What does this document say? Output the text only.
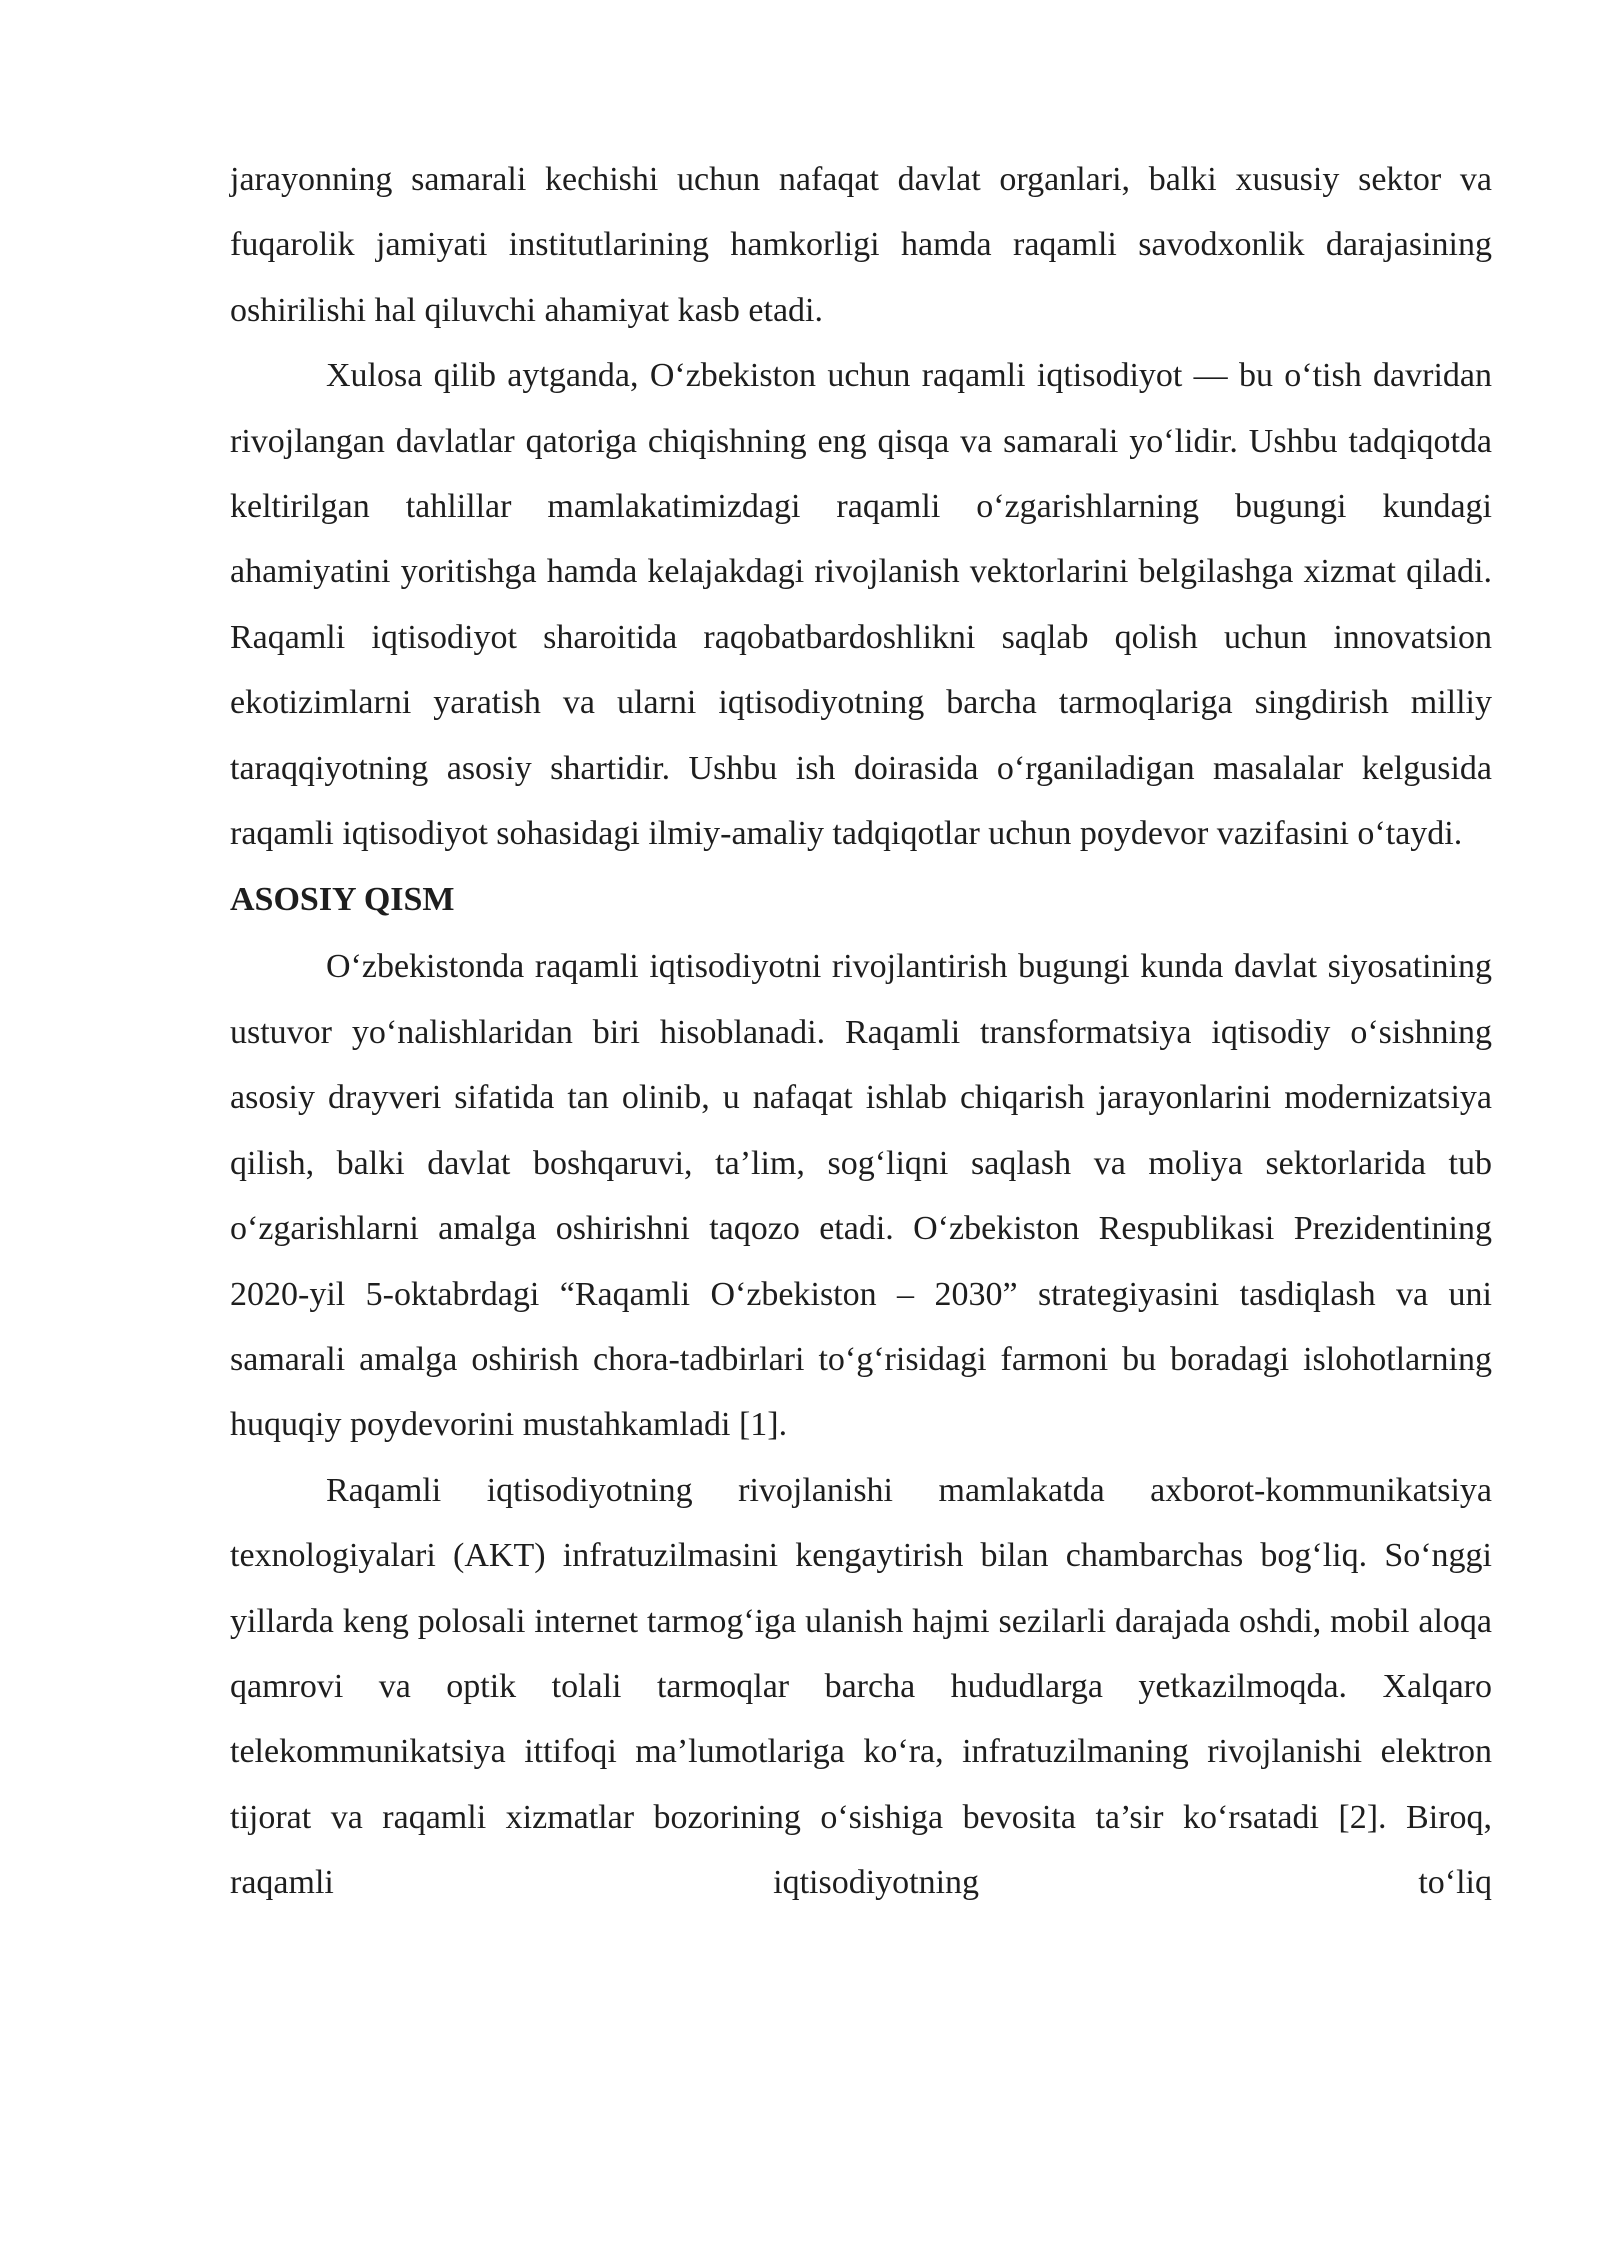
jarayonning samarali kechishi uchun nafaqat davlat organlari, balki xususiy sektor va fuqarolik jamiyati institutlarining hamkorligi hamda raqamli savodxonlik darajasining oshirilishi hal qiluvchi ahamiyat kasb etadi.

Xulosa qilib aytganda, O‘zbekiston uchun raqamli iqtisodiyot — bu o‘tish davridan rivojlangan davlatlar qatoriga chiqishning eng qisqa va samarali yo‘lidir. Ushbu tadqiqotda keltirilgan tahlillar mamlakatimizdagi raqamli o‘zgarishlarning bugungi kundagi ahamiyatini yoritishga hamda kelajakdagi rivojlanish vektorlarini belgilashga xizmat qiladi. Raqamli iqtisodiyot sharoitida raqobatbardoshlikni saqlab qolish uchun innovatsion ekotizimlarni yaratish va ularni iqtisodiyotning barcha tarmoqlariga singdirish milliy taraqqiyotning asosiy shartidir. Ushbu ish doirasida o‘rganiladigan masalalar kelgusida raqamli iqtisodiyot sohasidagi ilmiy-amaliy tadqiqotlar uchun poydevor vazifasini o‘taydi.

ASOSIY QISM

O‘zbekistonda raqamli iqtisodiyotni rivojlantirish bugungi kunda davlat siyosatining ustuvor yo‘nalishlaridan biri hisoblanadi. Raqamli transformatsiya iqtisodiy o‘sishning asosiy drayveri sifatida tan olinib, u nafaqat ishlab chiqarish jarayonlarini modernizatsiya qilish, balki davlat boshqaruvi, ta’lim, sog‘liqni saqlash va moliya sektorlarida tub o‘zgarishlarni amalga oshirishni taqozo etadi. O‘zbekiston Respublikasi Prezidentining 2020-yil 5-oktabrdagi “Raqamli O‘zbekiston – 2030” strategiyasini tasdiqlash va uni samarali amalga oshirish chora-tadbirlari to‘g‘risidagi farmoni bu boradagi islohotlarning huquqiy poydevorini mustahkamladi [1].

Raqamli iqtisodiyotning rivojlanishi mamlakatda axborot-kommunikatsiya texnologiyalari (AKT) infratuzilmasini kengaytirish bilan chambarchas bog‘liq. So‘nggi yillarda keng polosali internet tarmog‘iga ulanish hajmi sezilarli darajada oshdi, mobil aloqa qamrovi va optik tolali tarmoqlar barcha hududlarga yetkazilmoqda. Xalqaro telekommunikatsiya ittifoqi ma’lumotlariga ko‘ra, infratuzilmaning rivojlanishi elektron tijorat va raqamli xizmatlar bozorining o‘sishiga bevosita ta’sir ko‘rsatadi [2]. Biroq, raqamli iqtisodiyotning to‘liq
